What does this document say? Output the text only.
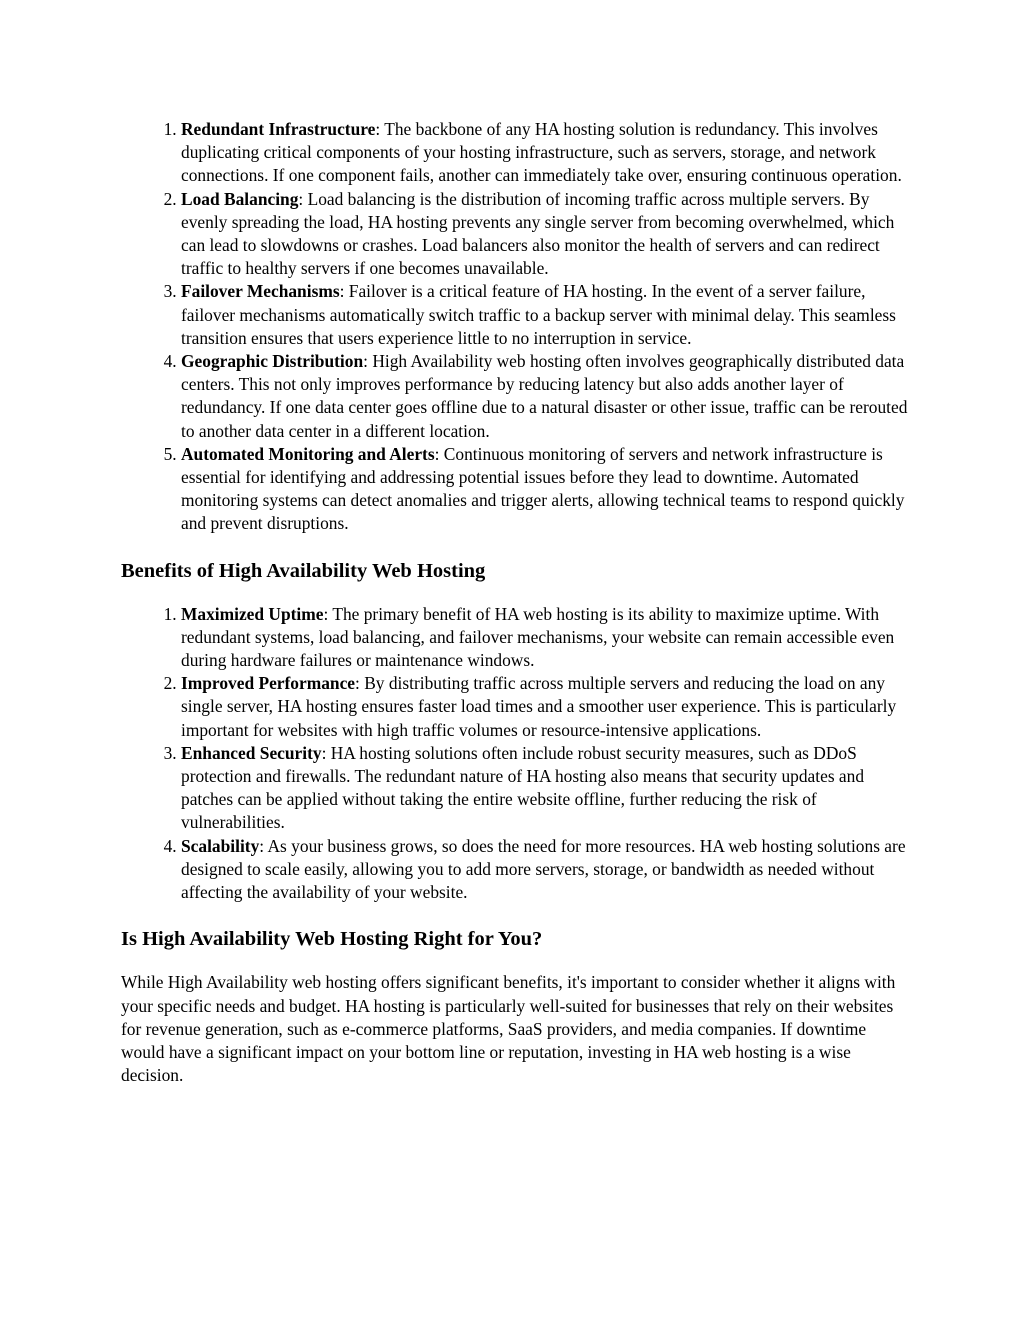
1. Redundant Infrastructure: The backbone of any HA hosting solution is redundancy. This involves duplicating critical components of your hosting infrastructure, such as servers, storage, and network connections. If one component fails, another can immediately take over, ensuring continuous operation.
2. Load Balancing: Load balancing is the distribution of incoming traffic across multiple servers. By evenly spreading the load, HA hosting prevents any single server from becoming overwhelmed, which can lead to slowdowns or crashes. Load balancers also monitor the health of servers and can redirect traffic to healthy servers if one becomes unavailable.
3. Failover Mechanisms: Failover is a critical feature of HA hosting. In the event of a server failure, failover mechanisms automatically switch traffic to a backup server with minimal delay. This seamless transition ensures that users experience little to no interruption in service.
4. Geographic Distribution: High Availability web hosting often involves geographically distributed data centers. This not only improves performance by reducing latency but also adds another layer of redundancy. If one data center goes offline due to a natural disaster or other issue, traffic can be rerouted to another data center in a different location.
5. Automated Monitoring and Alerts: Continuous monitoring of servers and network infrastructure is essential for identifying and addressing potential issues before they lead to downtime. Automated monitoring systems can detect anomalies and trigger alerts, allowing technical teams to respond quickly and prevent disruptions.
Benefits of High Availability Web Hosting
1. Maximized Uptime: The primary benefit of HA web hosting is its ability to maximize uptime. With redundant systems, load balancing, and failover mechanisms, your website can remain accessible even during hardware failures or maintenance windows.
2. Improved Performance: By distributing traffic across multiple servers and reducing the load on any single server, HA hosting ensures faster load times and a smoother user experience. This is particularly important for websites with high traffic volumes or resource-intensive applications.
3. Enhanced Security: HA hosting solutions often include robust security measures, such as DDoS protection and firewalls. The redundant nature of HA hosting also means that security updates and patches can be applied without taking the entire website offline, further reducing the risk of vulnerabilities.
4. Scalability: As your business grows, so does the need for more resources. HA web hosting solutions are designed to scale easily, allowing you to add more servers, storage, or bandwidth as needed without affecting the availability of your website.
Is High Availability Web Hosting Right for You?

While High Availability web hosting offers significant benefits, it's important to consider whether it aligns with your specific needs and budget. HA hosting is particularly well-suited for businesses that rely on their websites for revenue generation, such as e-commerce platforms, SaaS providers, and media companies. If downtime would have a significant impact on your bottom line or reputation, investing in HA web hosting is a wise decision.
